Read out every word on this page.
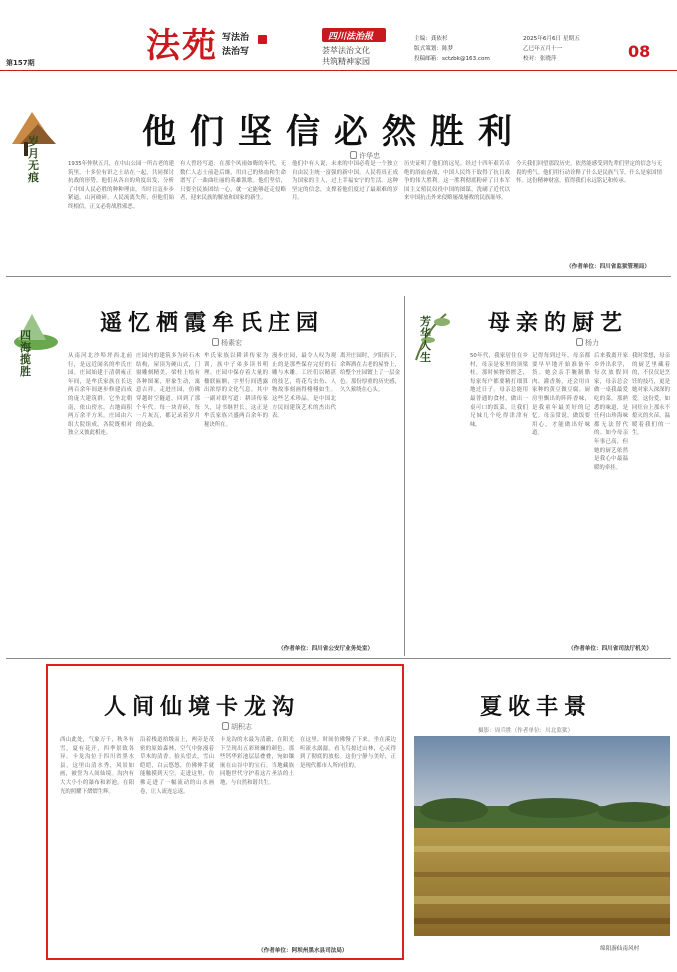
第157期	法苑 写法治
法治写
四川法治报
荟萃法治文化
共筑精神家园
主编：龚依杉
版式策划：陈梦
投稿邮箱：sctzbk@163.com
2025年6月6日 星期五
乙巳年五月十一
校对：张晓萍	08
岁月无痕
他们坚信必然胜利
许华忠

1935年仲秋五月，在中山公园一所古老的建筑里，十多位有识之士站在一起，共同探讨抗战的形势。他们从各自的角度出发，分析了中国人民必胜的种种理由。当时日寇步步紧逼，山河破碎，人民流离失所，但他们始终相信，正义必将战胜邪恶。

有人曾经写道：在那个风雨如晦的年代，无数仁人志士前赴后继，用自己的热血和生命谱写了一曲曲壮丽的英雄凯歌。他们坚信，只要全民族团结一心，就一定能够赶走侵略者，迎来民族的解放和国家的新生。

他们中有人说，未来的中国必将是一个独立自由民主统一富强的新中国。人民将真正成为国家的主人，过上幸福安宁的生活。这种坚定的信念，支撑着他们度过了最艰难的岁月。

历史证明了他们的远见。经过十四年艰苦卓绝的浴血奋战，中国人民终于取得了抗日战争的伟大胜利。这一胜利彻底粉碎了日本军国主义殖民奴役中国的图谋，洗刷了近代以来中国抗击外来侵略屡战屡败的民族耻辱。

今天我们回望那段历史，依然能感受到先辈们坚定的信念与无畏的勇气。他们用行动诠释了什么是民族气节，什么是家国情怀。这份精神财富，值得我们永远铭记和传承。

（作者单位：四川省监狱管理局）
四海揽胜
遥忆栖霞牟氏庄园
杨素宏

从南河北沙埠坪西北前行，是远近闻名的牟氏庄园。庄园始建于清朝雍正年间，是牟氏家族在长达两百余年间逐步修建而成的庞大建筑群。它坐北朝南，依山傍水，占地面积两万余平方米。庄园由六组大院组成，各院既相对独立又彼此相连。

庄园内的建筑多为砖石木结构，屋顶为硬山式，门窗雕刻精美，梁柱上绘有各种图案，形象生动，寓意吉祥。走进庄园，仿佛穿越时空隧道，回到了那个年代。每一块青砖，每一片灰瓦，都记录着岁月的沧桑。

牟氏家族以耕读传家为训，族中子弟多读书明理。庄园中保存着大量的楹联匾额，字里行间透露出浓厚的文化气息。其中一副对联写道：耕读传家久，诗书继世长。这正是牟氏家族兴盛两百余年的秘诀所在。

漫步庄园，最令人叹为观止的是那些保存完好的石雕与木雕。工匠们以精湛的技艺，将花鸟虫鱼、人物故事刻画得栩栩如生。这些艺术珍品，是中国北方民间建筑艺术的杰出代表。

离开庄园时，夕阳西下，余晖洒在古老的屋脊上，给整个庄园镀上了一层金色。那份厚重的历史感，久久萦绕在心头。

（作者单位：四川省公安厅业务处室）
芳华人生
母亲的厨艺
杨力

50年代，我家居住在乡村，母亲是家里的顶梁柱。那时候物资匮乏，每家每户都要精打细算地过日子。母亲总能用最普通的食材，做出一桌可口的饭菜，让我们兄妹几个吃得津津有味。

记得每到过年，母亲都要早早地开始准备年货。她会亲手腌制腊肉、灌香肠，还会用自家种的黄豆做豆腐。厨房里飘出的阵阵香味，是我童年最美好的记忆。母亲常说，做饭要用心，才能做出好味道。

后来我离开家乡外出求学，每次放假回家，母亲总会做一桌我最爱吃的菜。那熟悉的味道，是任何山珍海味都无法替代的。如今母亲年事已高，但她的厨艺依然是我心中最温暖的牵挂。

我时常想，母亲的厨艺里藏着的，不仅仅是烹饪的技巧，更是她对家人深深的爱。这份爱，如同灶台上那永不熄灭的火苗，温暖着我们的一生。

（作者单位：四川省司法厅机关）
人间仙境卡龙沟
胡积志

西山此处，气象万千，秋冬有雪，夏有花开，四季景致各异。卡龙沟位于四川省黑水县，这里山清水秀，风景如画，被誉为人间仙境。沟内有大大小小的瀑布和彩池，在阳光的照耀下熠熠生辉。

沿着栈道拾级而上，两旁是茂密的原始森林，空气中弥漫着草木的清香。抬头望去，雪山皑皑，白云悠悠，仿佛伸手就能触摸到天空。走进这里，仿佛走进了一幅流动的山水画卷，让人流连忘返。

卡龙沟的水最为清澈，在阳光下呈现出五彩斑斓的颜色。那些钙华彩池层层叠叠，宛如镶嵌在山谷中的宝石。当地藏族同胞世代守护着这片圣洁的土地，与自然和谐共生。

在这里，时间仿佛慢了下来。坐在溪边听流水潺潺，看飞鸟掠过山林，心灵得到了彻底的放松。这份宁静与美好，正是现代都市人所向往的。

（作者单位：阿坝州黑水县司法局）
夏收丰景
摄影：周兵胜（作者单位：川北监狱）
绵阳游仙南风村
